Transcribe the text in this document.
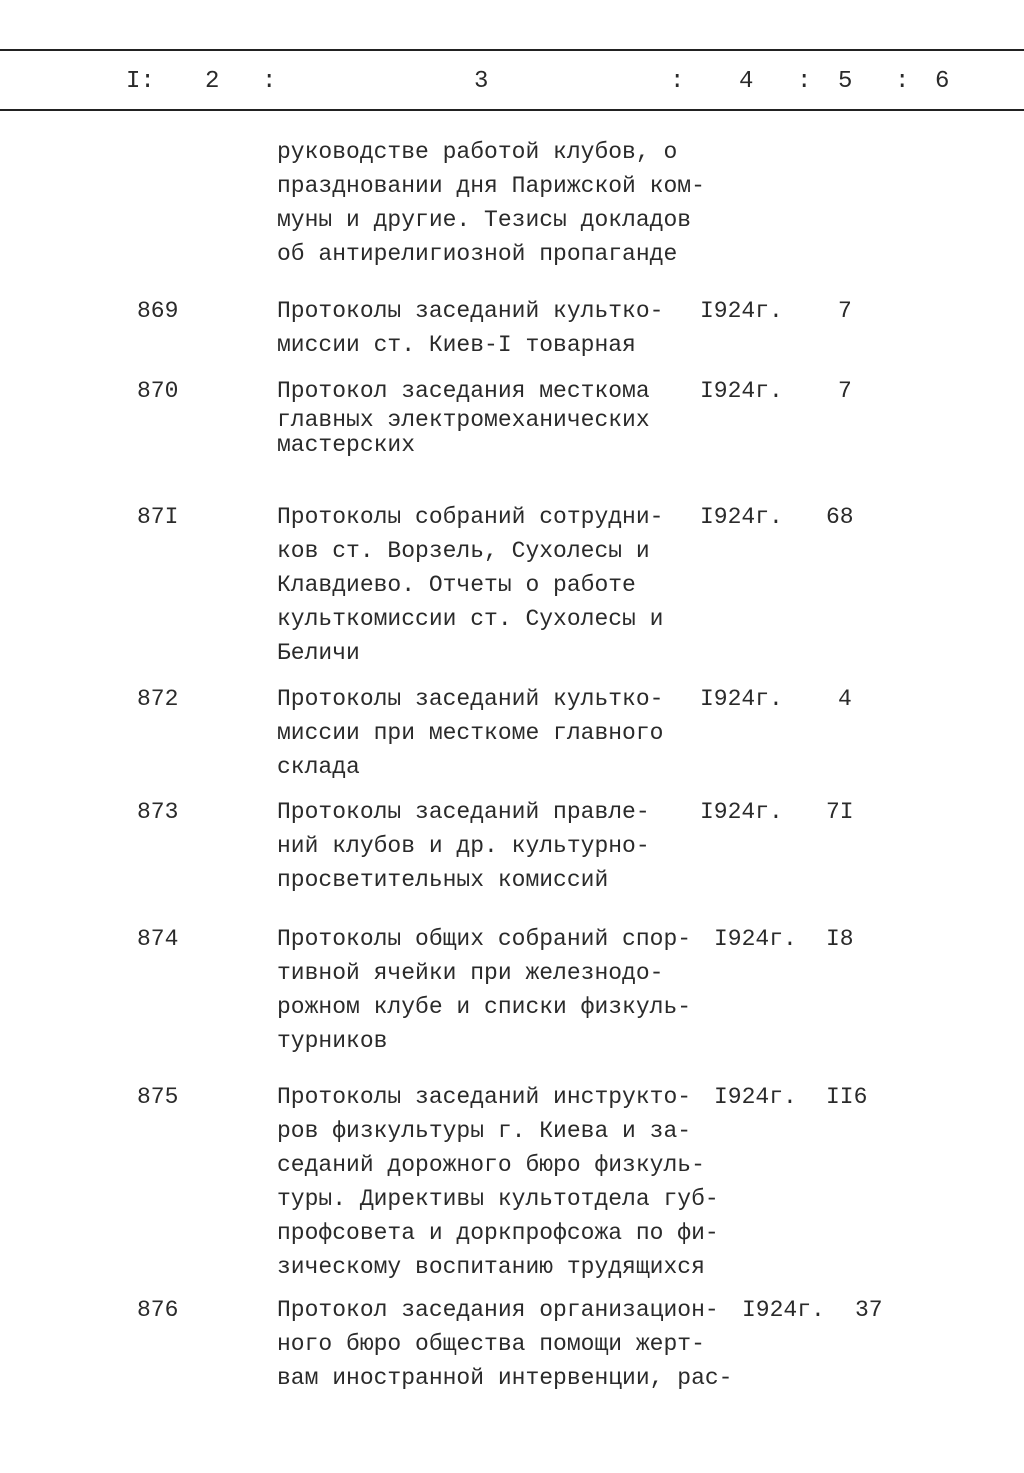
I: 2 :	3	: 4 : 5 : 6
руководстве работой клубов, о
праздновании дня Парижской ком-
муны и другие. Тезисы докладов
об антирелигиозной пропаганде
869	Протоколы заседаний культко-
миссии ст. Киев-I товарная
I924г. 7
870	Протокол заседания месткома
главных электромеханических
мастерских
I924г. 7
87I	Протоколы собраний сотрудни-
ков ст. Ворзель, Сухолесы и
Клавдиево. Отчеты о работе
культкомиссии ст. Сухолесы и
Беличи
I924г. 68
872	Протоколы заседаний культко-
миссии при месткоме главного
склада
I924г. 4
873	Протоколы заседаний правле-
ний клубов и др. культурно-
просветительных комиссий
I924г. 7I
874	Протоколы общих собраний спор-
тивной ячейки при железнодо-
рожном клубе и списки физкуль-
турников
I924г. I8
875	Протоколы заседаний инструкто-
ров физкультуры г. Киева и за-
седаний дорожного бюро физкуль-
туры. Директивы культотдела губ-
профсовета и доркпрофсожа по фи-
зическому воспитанию трудящихся
I924г. II6
876	Протокол заседания организацион-
ного бюро общества помощи жерт-
вам иностранной интервенции, рас-
I924г. 37
